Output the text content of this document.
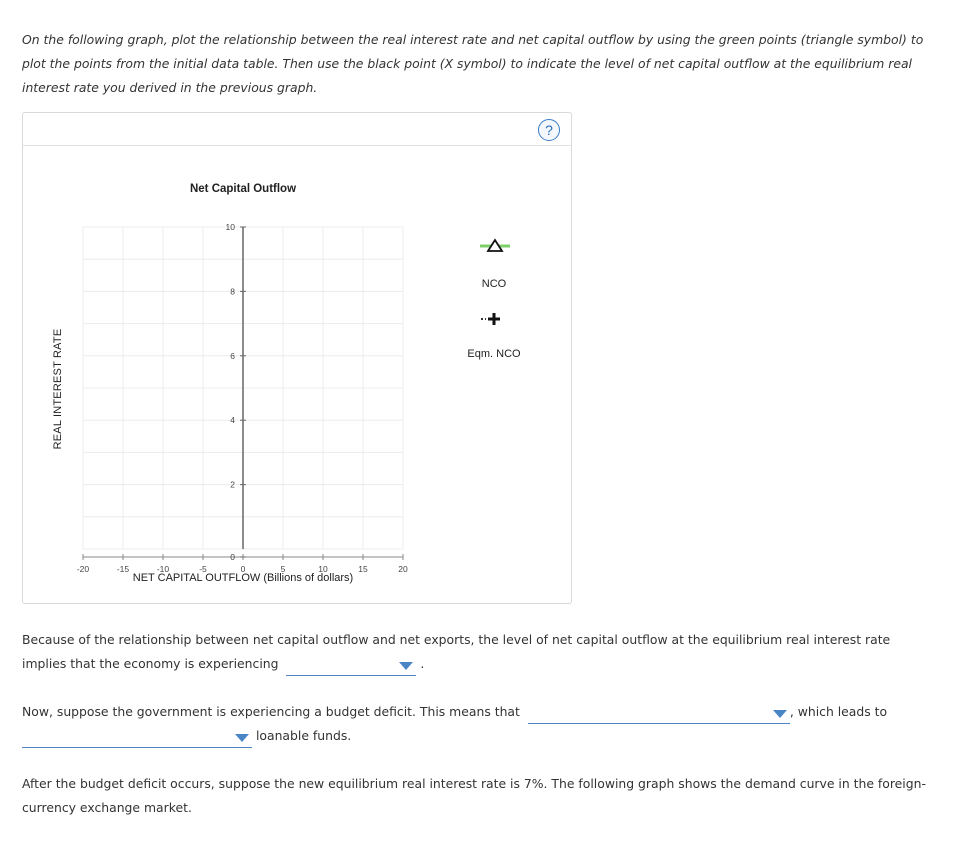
On the following graph, plot the relationship between the real interest rate and net capital outflow by using the green points (triangle symbol) to plot the points from the initial data table. Then use the black point (X symbol) to indicate the level of net capital outflow at the equilibrium real interest rate you derived in the previous graph.
?
Net Capital Outflow
-20	-15	-10	-5	0	5	10	15	20
0
2
4
6
8
10
REAL INTEREST RATE
NET CAPITAL OUTFLOW (Billions of dollars)
NCO
Eqm. NCO
Because of the relationship between net capital outflow and net exports, the level of net capital outflow at the equilibrium real interest rate implies that the economy is experiencing	.
Now, suppose the government is experiencing a budget deficit. This means that	, which leads to

loanable funds.
After the budget deficit occurs, suppose the new equilibrium real interest rate is 7%. The following graph shows the demand curve in the foreign-currency exchange market.
